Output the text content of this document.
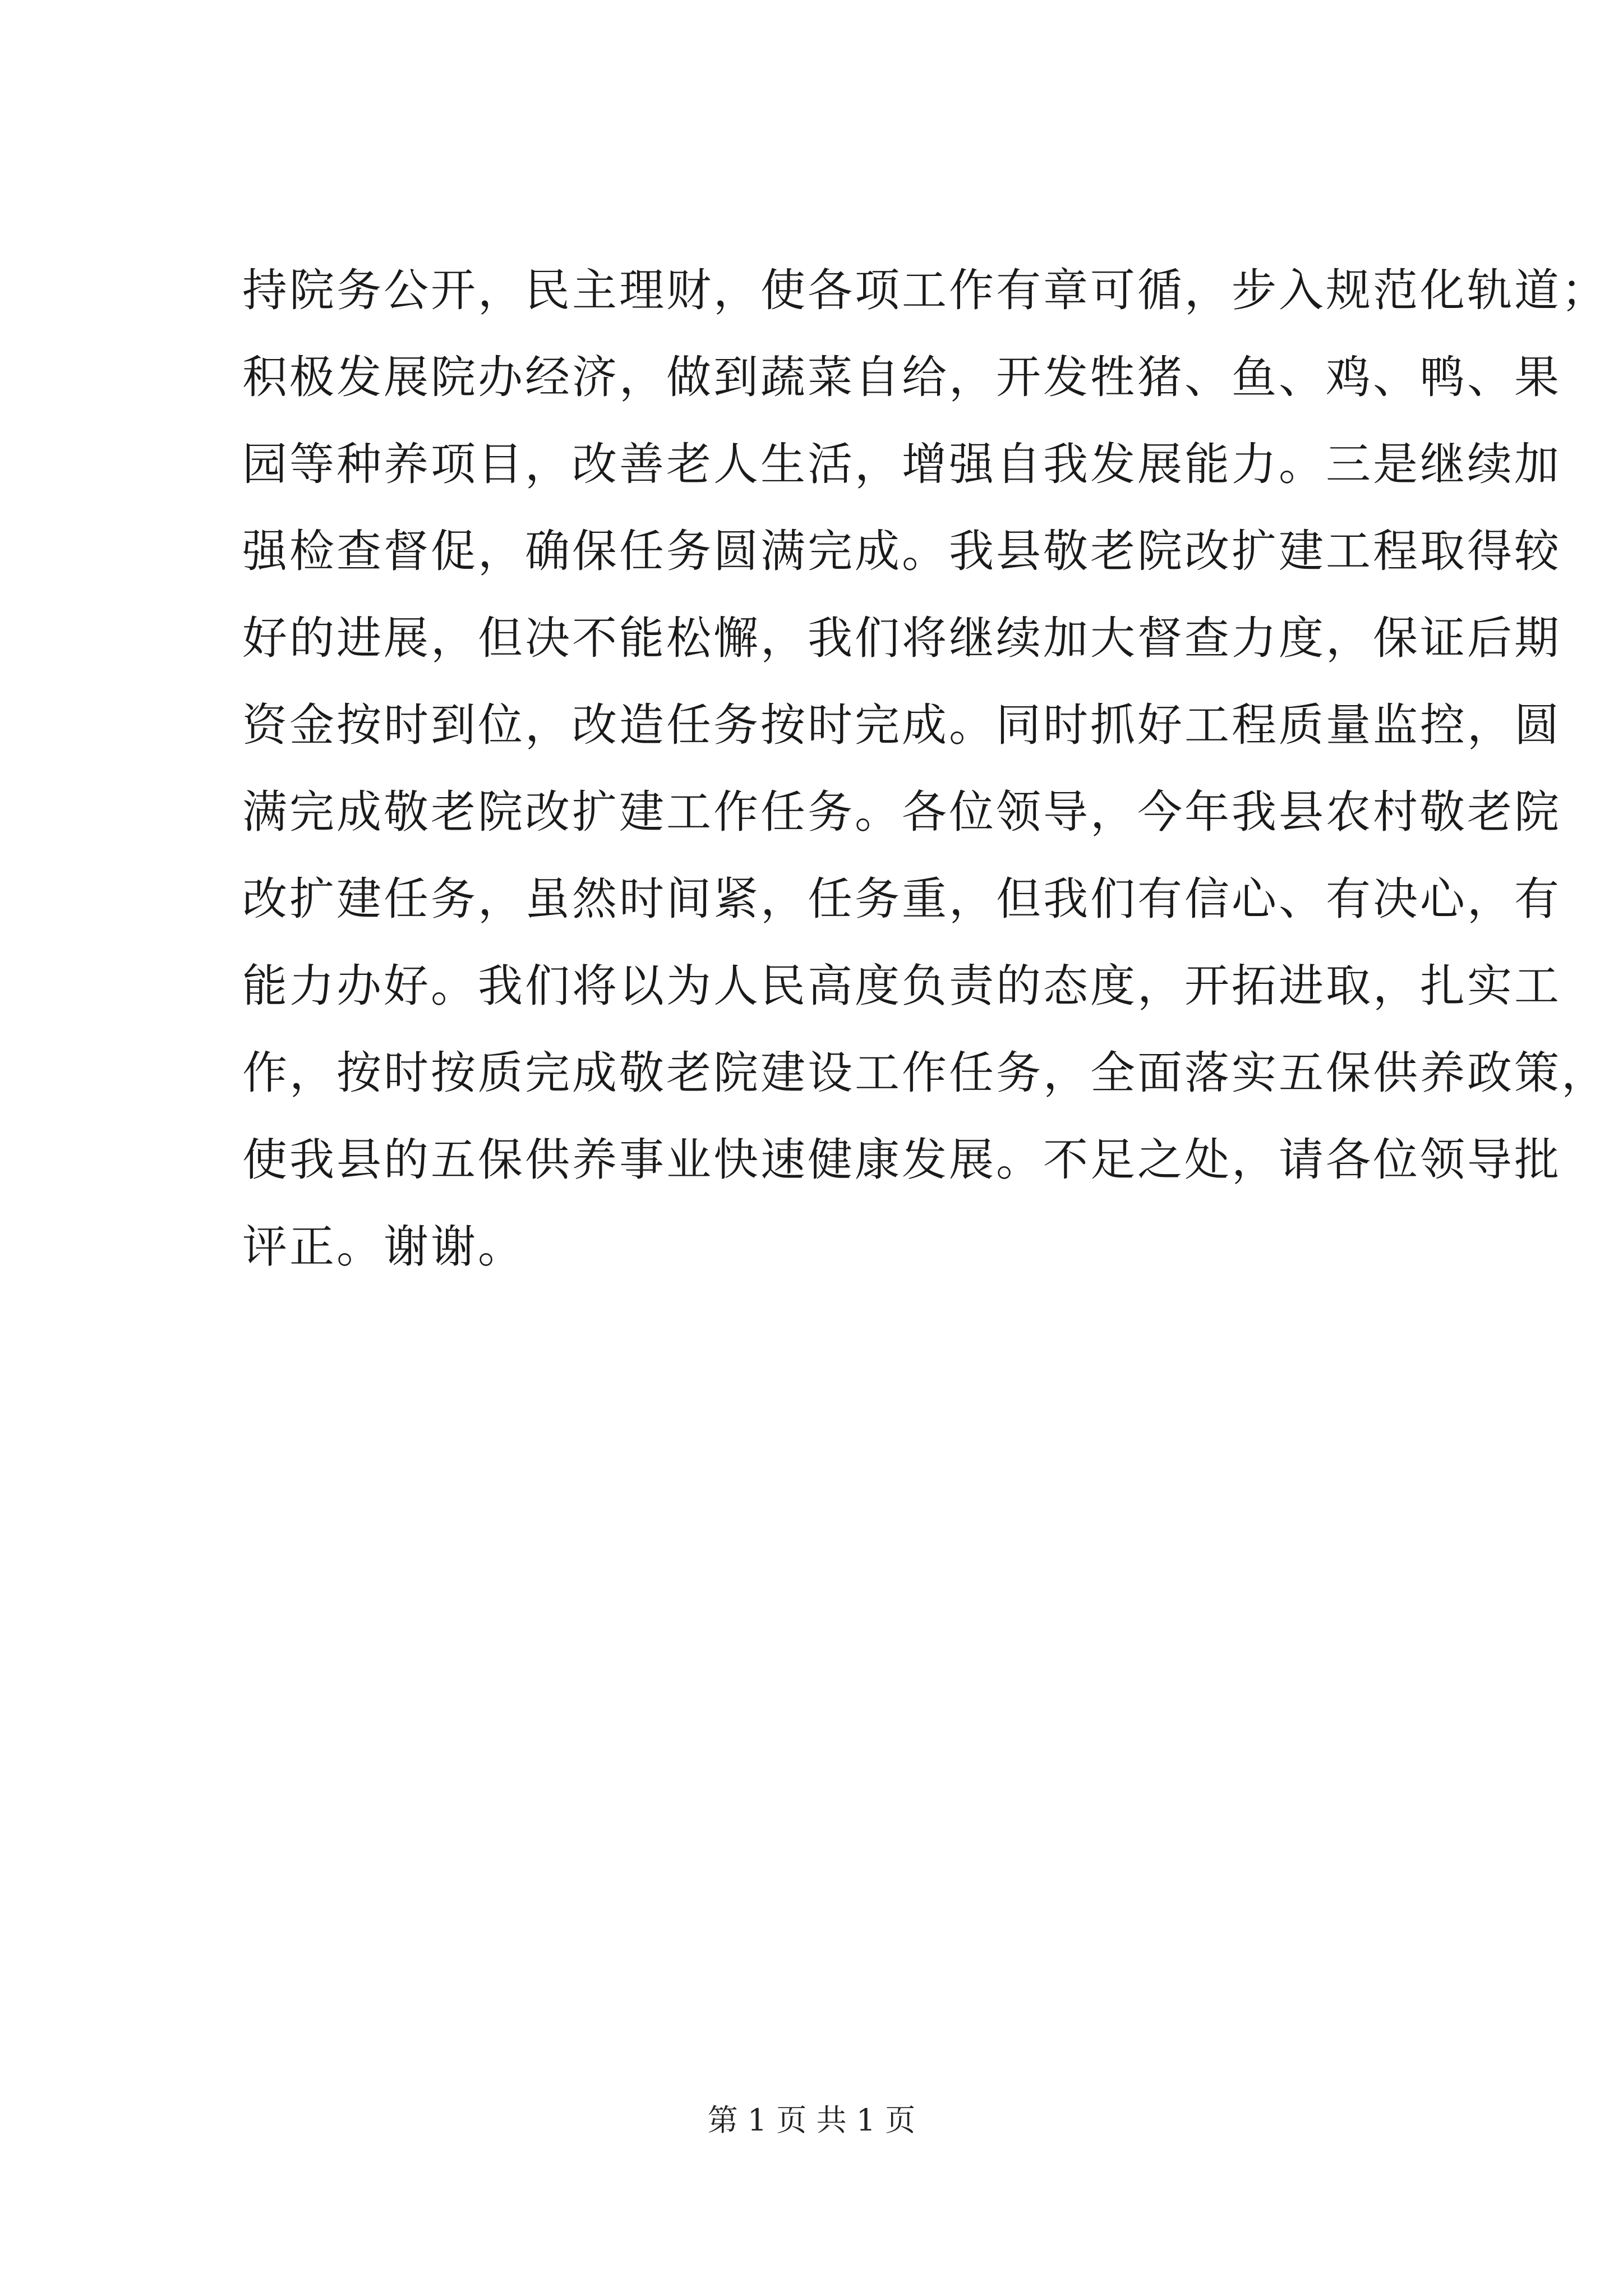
持院务公开，民主理财，使各项工作有章可循，步入规范化轨道；
积极发展院办经济，做到蔬菜自给，开发牲猪、鱼、鸡、鸭、果
园等种养项目，改善老人生活，增强自我发展能力。三是继续加
强检查督促，确保任务圆满完成。我县敬老院改扩建工程取得较
好的进展，但决不能松懈，我们将继续加大督查力度，保证后期
资金按时到位，改造任务按时完成。同时抓好工程质量监控，圆
满完成敬老院改扩建工作任务。各位领导，今年我县农村敬老院
改扩建任务，虽然时间紧，任务重，但我们有信心、有决心，有
能力办好。我们将以为人民高度负责的态度，开拓进取，扎实工
作，按时按质完成敬老院建设工作任务，全面落实五保供养政策，
使我县的五保供养事业快速健康发展。不足之处，请各位领导批
评正。谢谢。
第 1 页 共 1 页
